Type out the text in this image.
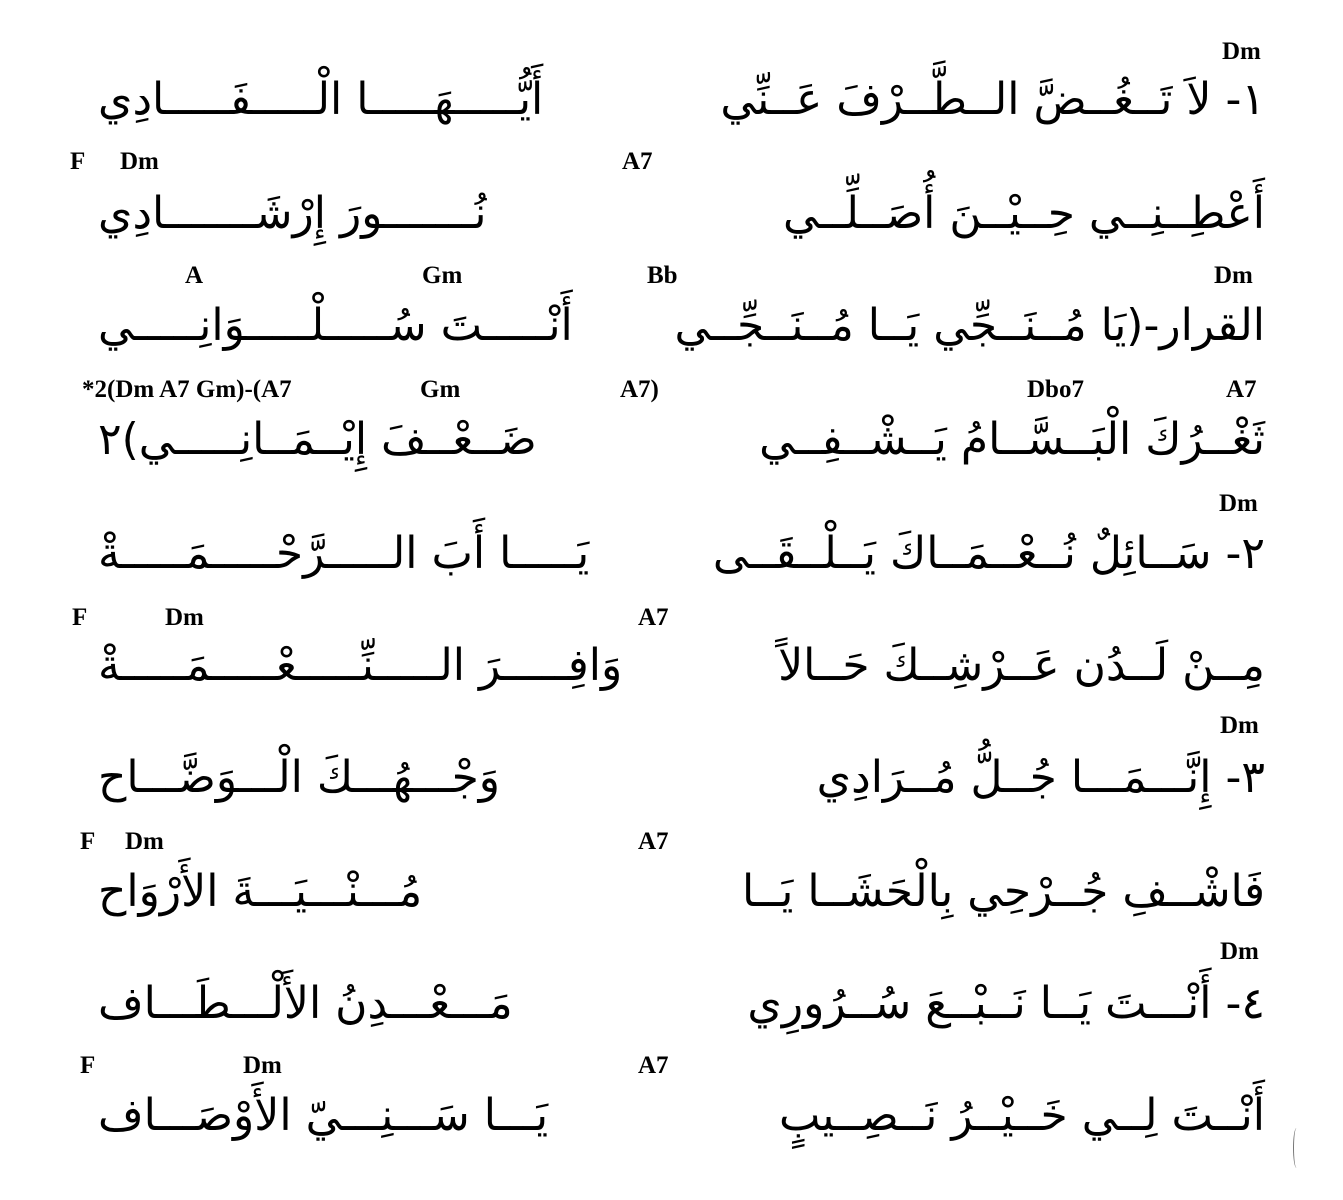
Dm
١- لاَ تَــغُــضَّ الــطَّــرْفَ عَــنِّي
أَيُّـــــهَـــــا الْـــــفَـــــادِي
F Dm	A7
أَعْطِــنِــي حِــيْــنَ أُصَــلِّــي
نُـــــــورَ إِرْشَـــــــادِي
Dm
A	Gm	Bb
القرار-(يَا مُــنَــجِّي يَــا مُــنَــجِّــي
أَنْـــــتَ سُـــــلْـــــوَانِـــــي
*2(Dm A7 Gm)-(A7	Gm	A7)	Dbo7	A7
ثَغْــرُكَ الْبَــسَّــامُ يَــشْــفِــي
ضَــعْــفَ إِيْــمَــانِـــــي)٢
Dm
٢- سَــائِلٌ نُــعْــمَــاكَ يَــلْــقَــى
يَـــــا أَبَ الـــــرَّحْـــــمَـــــةْ
F	Dm	A7
مِــنْ لَــدُن عَــرْشِــكَ حَــالاً
وَافِـــــرَ الـــــنِّـــــعْـــــمَـــــةْ
Dm
٣- إِنَّـــمَـــا جُــلُّ مُــرَادِي
وَجْـــهُـــكَ الْـــوَضَّـــاح
F Dm	A7
فَاشْــفِ جُــرْحِي بِالْحَشَــا يَــا
مُـــنْـــيَـــةَ الأَرْوَاح
Dm
٤- أَنْـــتَ يَــا نَــبْــعَ سُــرُورِي
مَـــعْـــدِنُ الأَلْـــطَـــاف
F	Dm	A7
أَنْــتَ لِــي خَــيْــرُ نَــصِــيبٍ
يَـــا سَـــنِـــيّ الأَوْصَـــاف
